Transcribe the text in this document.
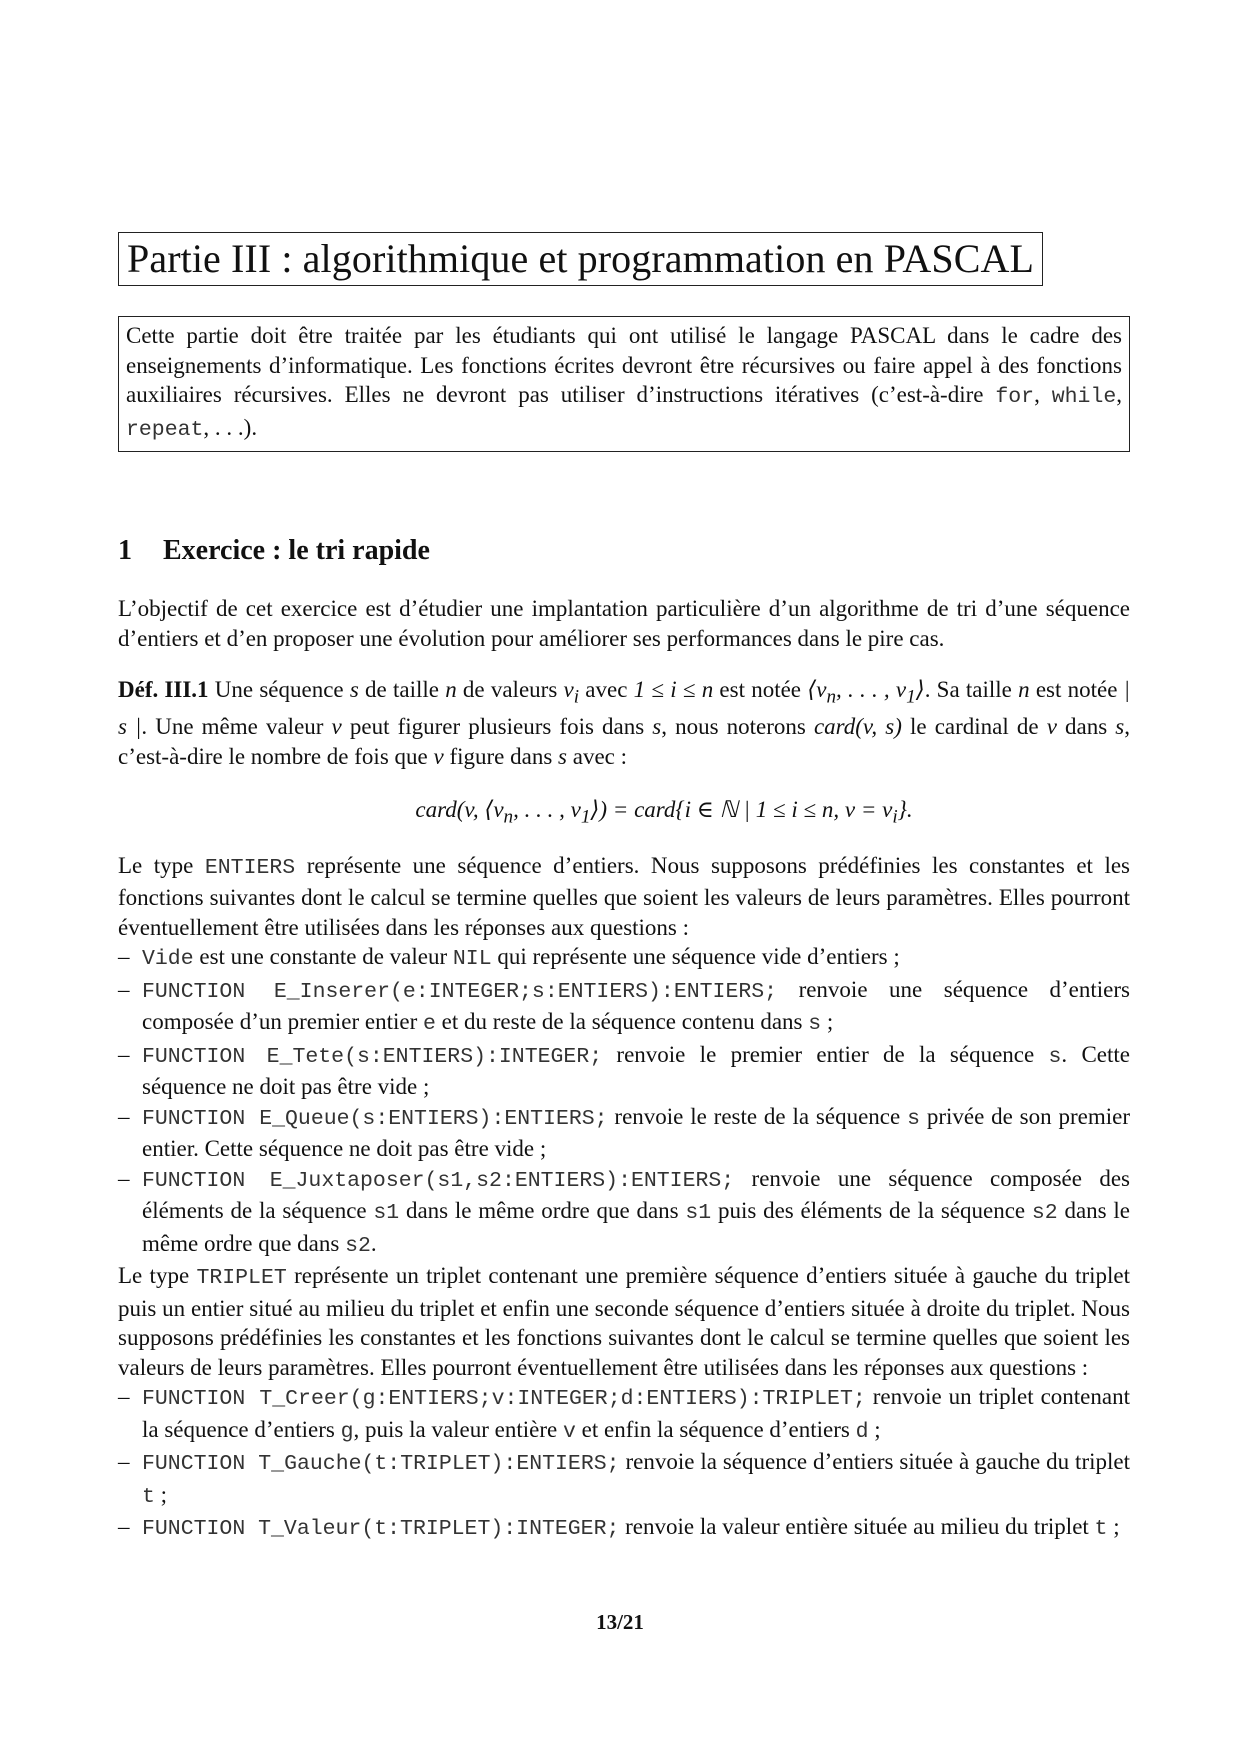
Partie III : algorithmique et programmation en PASCAL
Cette partie doit être traitée par les étudiants qui ont utilisé le langage PASCAL dans le cadre des enseignements d’informatique. Les fonctions écrites devront être récursives ou faire appel à des fonctions auxiliaires récursives. Elles ne devront pas utiliser d’instructions itératives (c’est-à-dire for, while, repeat, . . .).
1 Exercice : le tri rapide

L’objectif de cet exercice est d’étudier une implantation particulière d’un algorithme de tri d’une séquence d’entiers et d’en proposer une évolution pour améliorer ses performances dans le pire cas.

Déf. III.1 Une séquence s de taille n de valeurs $v_i$ avec 1 ≤ i ≤ n est notée $⟨v_n$, . . . , $v_1⟩$. Sa taille n est notée | s |. Une même valeur v peut figurer plusieurs fois dans s, nous noterons card(v, s) le cardinal de v dans s, c’est-à-dire le nombre de fois que v figure dans s avec :

card(v, $⟨v_n$, . . . , $v_1⟩$) = card{i ∈ ℕ | 1 ≤ i ≤ n, $v = v_i$}.

Le type ENTIERS représente une séquence d’entiers. Nous supposons prédéfinies les constantes et les fonctions suivantes dont le calcul se termine quelles que soient les valeurs de leurs paramètres. Elles pourront éventuellement être utilisées dans les réponses aux questions :

– Vide est une constante de valeur NIL qui représente une séquence vide d’entiers ;
– FUNCTION E_Inserer(e:INTEGER;s:ENTIERS):ENTIERS; renvoie une séquence d’entiers composée d’un premier entier e et du reste de la séquence contenu dans s ;
– FUNCTION E_Tete(s:ENTIERS):INTEGER; renvoie le premier entier de la séquence s. Cette séquence ne doit pas être vide ;
– FUNCTION E_Queue(s:ENTIERS):ENTIERS; renvoie le reste de la séquence s privée de son premier entier. Cette séquence ne doit pas être vide ;
– FUNCTION E_Juxtaposer(s1,s2:ENTIERS):ENTIERS; renvoie une séquence composée des éléments de la séquence s1 dans le même ordre que dans s1 puis des éléments de la séquence s2 dans le même ordre que dans s2.

Le type TRIPLET représente un triplet contenant une première séquence d’entiers située à gauche du triplet puis un entier situé au milieu du triplet et enfin une seconde séquence d’entiers située à droite du triplet. Nous supposons prédéfinies les constantes et les fonctions suivantes dont le calcul se termine quelles que soient les valeurs de leurs paramètres. Elles pourront éventuellement être utilisées dans les réponses aux questions :

– FUNCTION T_Creer(g:ENTIERS;v:INTEGER;d:ENTIERS):TRIPLET; renvoie un triplet contenant la séquence d’entiers g, puis la valeur entière v et enfin la séquence d’entiers d ;
– FUNCTION T_Gauche(t:TRIPLET):ENTIERS; renvoie la séquence d’entiers située à gauche du triplet t ;
– FUNCTION T_Valeur(t:TRIPLET):INTEGER; renvoie la valeur entière située au milieu du triplet t ;
13/21
